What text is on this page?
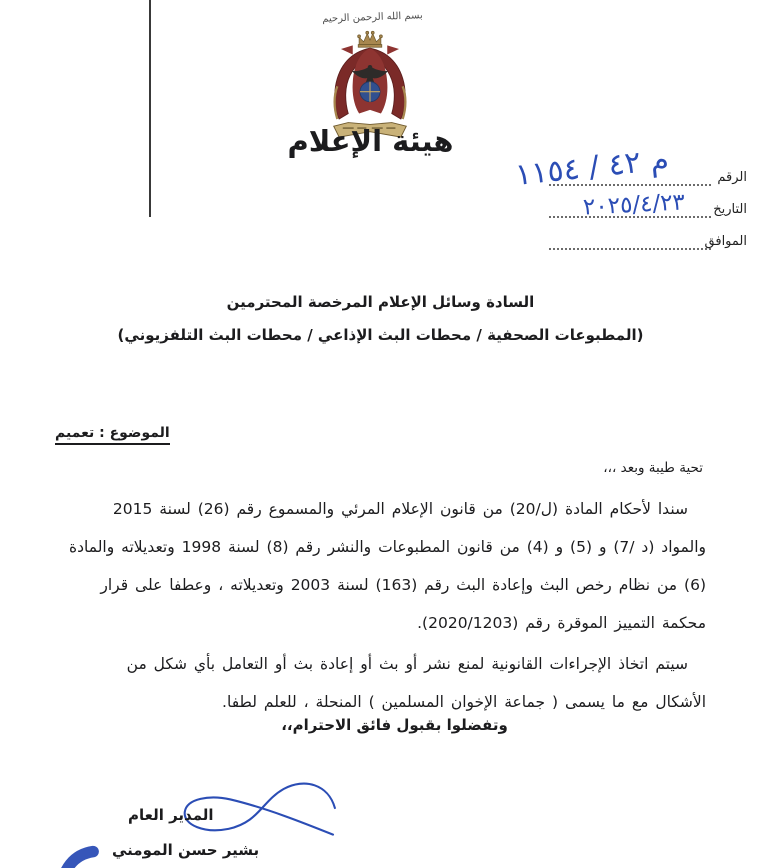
بسم الله الرحمن الرحيم
هيئة الإعلام
الرقم
م ٤٢ / ١١٥٤
التاريخ
٢٠٢٥/٤/٢٣
الموافق
السادة وسائل الإعلام المرخصة المحترمين
(المطبوعات الصحفية / محطات البث الإذاعي / محطات البث التلفزيوني)
الموضوع : تعميم
تحية طيبة وبعد ،،،
سندا لأحكام المادة (ل/20) من قانون الإعلام المرئي والمسموع رقم (26) لسنة 2015
والمواد (د /7) و (5) و (4) من قانون المطبوعات والنشر رقم (8) لسنة 1998 وتعديلاته والمادة
(6) من نظام رخص البث وإعادة البث رقم (163) لسنة 2003 وتعديلاته ، وعطفا على قرار
محكمة التمييز الموقرة رقم (2020/1203).
سيتم اتخاذ الإجراءات القانونية لمنع نشر أو بث أو إعادة بث أو التعامل بأي شكل من
الأشكال مع ما يسمى ( جماعة الإخوان المسلمين ) المنحلة ، للعلم لطفا.
وتفضلوا بقبول فائق الاحترام،،
المدير العام
بشير حسن المومني
